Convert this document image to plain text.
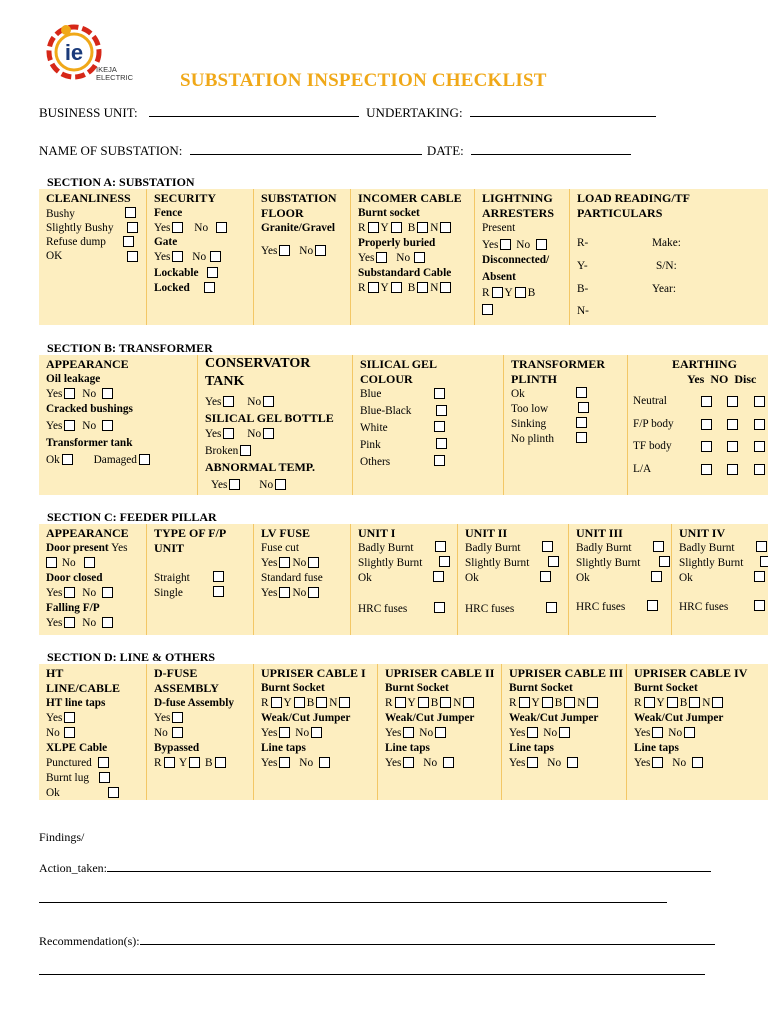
ie
IKEJA
ELECTRIC SUBSTATION INSPECTION CHECKLIST
BUSINESS UNIT:	UNDERTAKING:
NAME OF SUBSTATION:	DATE:
SECTION A: SUBSTATION
CLEANLINESS
Bushy
Slightly Bushy
Refuse dump
OK
SECURITY
Fence
Yes No
Gate
Yes No
Lockable
Locked
SUBSTATION
FLOOR
Granite/Gravel
Yes No
INCOMER CABLE
Burnt socket
R Y B N
Properly buried
Yes No
Substandard Cable
R Y B N
LIGHTNING
ARRESTERS
Present
Yes No
Disconnected/
Absent
R Y B
LOAD READING/TF
PARTICULARS
R-
Y-
B-
N-
Make:
S/N:
Year:
SECTION B: TRANSFORMER
APPEARANCE
Oil leakage
Yes No
Cracked bushings
Yes No
Transformer tank
Ok	Damaged
CONSERVATOR
TANK
Yes No
SILICAL GEL BOTTLE
Yes No
Broken
ABNORMAL TEMP.
Yes	No
SILICAL GEL
COLOUR
Blue
Blue-Black
White
Pink
Others
TRANSFORMER
PLINTH
Ok
Too low
Sinking
No plinth
EARTHING
Yes  NO  Disc
Neutral
F/P body
TF body
L/A
SECTION C: FEEDER PILLAR
APPEARANCE
Door present Yes
No
Door closed
Yes No
Falling F/P
Yes No
TYPE OF F/P
UNIT
Straight
Single
LV FUSE
Fuse cut
Yes No
Standard fuse
Yes No
UNIT I
Badly Burnt
Slightly Burnt
Ok
HRC fuses
UNIT II
Badly Burnt
Slightly Burnt
Ok
HRC fuses
UNIT III
Badly Burnt
Slightly Burnt
Ok
HRC fuses
UNIT IV
Badly Burnt
Slightly Burnt
Ok
HRC fuses
SECTION D: LINE & OTHERS
HT
LINE/CABLE
HT line taps
Yes
No
XLPE Cable
Punctured
Burnt lug
Ok
D-FUSE
ASSEMBLY
D-fuse Assembly
Yes
No
Bypassed
R Y B
UPRISER CABLE I
Burnt Socket
R Y B N
Weak/Cut Jumper
Yes No
Line taps
Yes No
UPRISER CABLE II
Burnt Socket
R Y B N
Weak/Cut Jumper
Yes No
Line taps
Yes No
UPRISER CABLE III
Burnt Socket
R Y B N
Weak/Cut Jumper
Yes No
Line taps
Yes No
UPRISER CABLE IV
Burnt Socket
R Y B N
Weak/Cut Jumper
Yes No
Line taps
Yes No
Findings/
Action_taken:
Recommendation(s):
